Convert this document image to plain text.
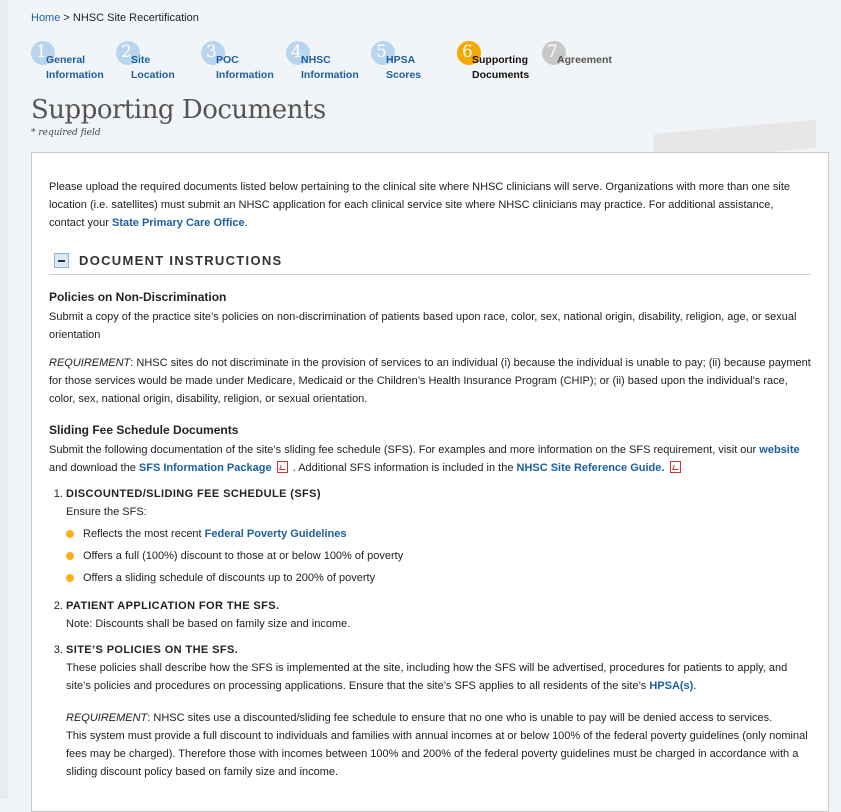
Home > NHSC Site Recertification
1 General
Information
2 Site
Location
3 POC
Information
4 NHSC
Information
5 HPSA
Scores
6 Supporting
Documents
7 Agreement
Supporting Documents
* required field

Please upload the required documents listed below pertaining to the clinical site where NHSC clinicians will serve. Organizations with more than one site location (i.e. satellites) must submit an NHSC application for each clinical service site where NHSC clinicians may practice. For additional assistance, contact your State Primary Care Office.

DOCUMENT INSTRUCTIONS
Policies on Non-Discrimination

Submit a copy of the practice site’s policies on non-discrimination of patients based upon race, color, sex, national origin, disability, religion, age, or sexual orientation

REQUIREMENT: NHSC sites do not discriminate in the provision of services to an individual (i) because the individual is unable to pay; (ii) because payment for those services would be made under Medicare, Medicaid or the Children’s Health Insurance Program (CHIP); or (ii) based upon the individual’s race, color, sex, national origin, disability, religion, or sexual orientation.

Sliding Fee Schedule Documents

Submit the following documentation of the site’s sliding fee schedule (SFS). For examples and more information on the SFS requirement, visit our website and download the SFS Information Package  . Additional SFS information is included in the NHSC Site Reference Guide.

1. DISCOUNTED/SLIDING FEE SCHEDULE (SFS)
Ensure the SFS:
Reflects the most recent Federal Poverty Guidelines
Offers a full (100%) discount to those at or below 100% of poverty
Offers a sliding schedule of discounts up to 200% of poverty
2. PATIENT APPLICATION FOR THE SFS.
Note: Discounts shall be based on family size and income.
3. SITE’S POLICIES ON THE SFS.
These policies shall describe how the SFS is implemented at the site, including how the SFS will be advertised, procedures for patients to apply, and site’s policies and procedures on processing applications. Ensure that the site’s SFS applies to all residents of the site’s HPSA(s).

REQUIREMENT: NHSC sites use a discounted/sliding fee schedule to ensure that no one who is unable to pay will be denied access to services.
This system must provide a full discount to individuals and families with annual incomes at or below 100% of the federal poverty guidelines (only nominal fees may be charged). Therefore those with incomes between 100% and 200% of the federal poverty guidelines must be charged in accordance with a sliding discount policy based on family size and income.
